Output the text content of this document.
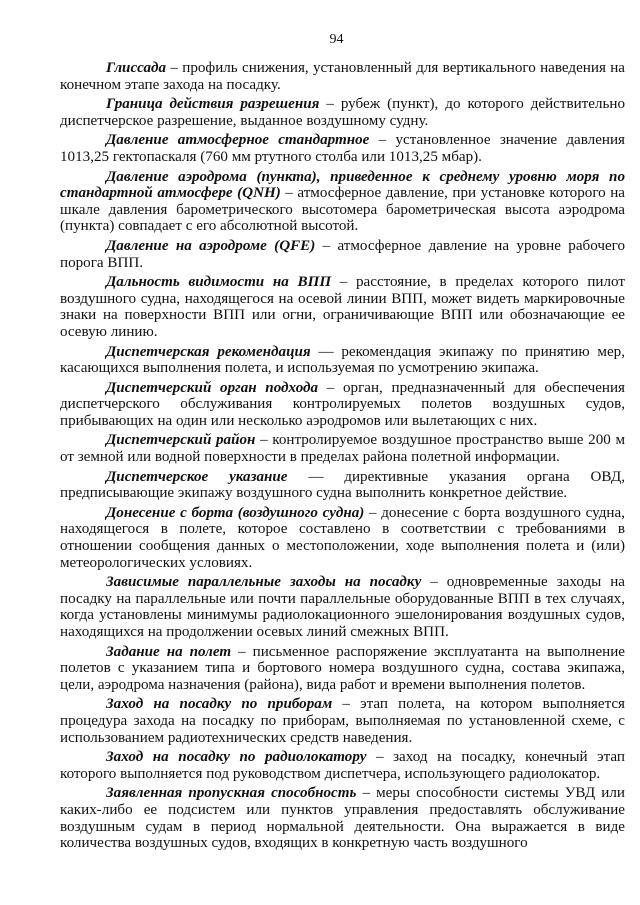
94

Глиссада – профиль снижения, установленный для вертикального наведения на конечном этапе захода на посадку.

Граница действия разрешения – рубеж (пункт), до которого действительно диспетчерское разрешение, выданное воздушному судну.

Давление атмосферное стандартное – установленное значение давления 1013,25 гектопаскаля (760 мм ртутного столба или 1013,25 мбар).

Давление аэродрома (пункта), приведенное к среднему уровню моря по стандартной атмосфере (QNH) – атмосферное давление, при установке которого на шкале давления барометрического высотомера барометрическая высота аэродрома (пункта) совпадает с его абсолютной высотой.

Давление на аэродроме (QFE) – атмосферное давление на уровне рабочего порога ВПП.

Дальность видимости на ВПП – расстояние, в пределах которого пилот воздушного судна, находящегося на осевой линии ВПП, может видеть маркировочные знаки на поверхности ВПП или огни, ограничивающие ВПП или обозначающие ее осевую линию.

Диспетчерская рекомендация — рекомендация экипажу по принятию мер, касающихся выполнения полета, и используемая по усмотрению экипажа.

Диспетчерский орган подхода – орган, предназначенный для обеспечения диспетчерского обслуживания контролируемых полетов воздушных судов, прибывающих на один или несколько аэродромов или вылетающих с них.

Диспетчерский район – контролируемое воздушное пространство выше 200 м от земной или водной поверхности в пределах района полетной информации.

Диспетчерское указание — директивные указания органа ОВД, предписывающие экипажу воздушного судна выполнить конкретное действие.

Донесение с борта (воздушного судна) – донесение с борта воздушного судна, находящегося в полете, которое составлено в соответствии с требованиями в отношении сообщения данных о местоположении, ходе выполнения полета и (или) метеорологических условиях.

Зависимые параллельные заходы на посадку – одновременные заходы на посадку на параллельные или почти параллельные оборудованные ВПП в тех случаях, когда установлены минимумы радиолокационного эшелонирования воздушных судов, находящихся на продолжении осевых линий смежных ВПП.

Задание на полет – письменное распоряжение эксплуатанта на выполнение полетов с указанием типа и бортового номера воздушного судна, состава экипажа, цели, аэродрома назначения (района), вида работ и времени выполнения полетов.

Заход на посадку по приборам – этап полета, на котором выполняется процедура захода на посадку по приборам, выполняемая по установленной схеме, с использованием радиотехнических средств наведения.

Заход на посадку по радиолокатору – заход на посадку, конечный этап которого выполняется под руководством диспетчера, использующего радиолокатор.

Заявленная пропускная способность – меры способности системы УВД или каких-либо ее подсистем или пунктов управления предоставлять обслуживание воздушным судам в период нормальной деятельности. Она выражается в виде количества воздушных судов, входящих в конкретную часть воздушного
